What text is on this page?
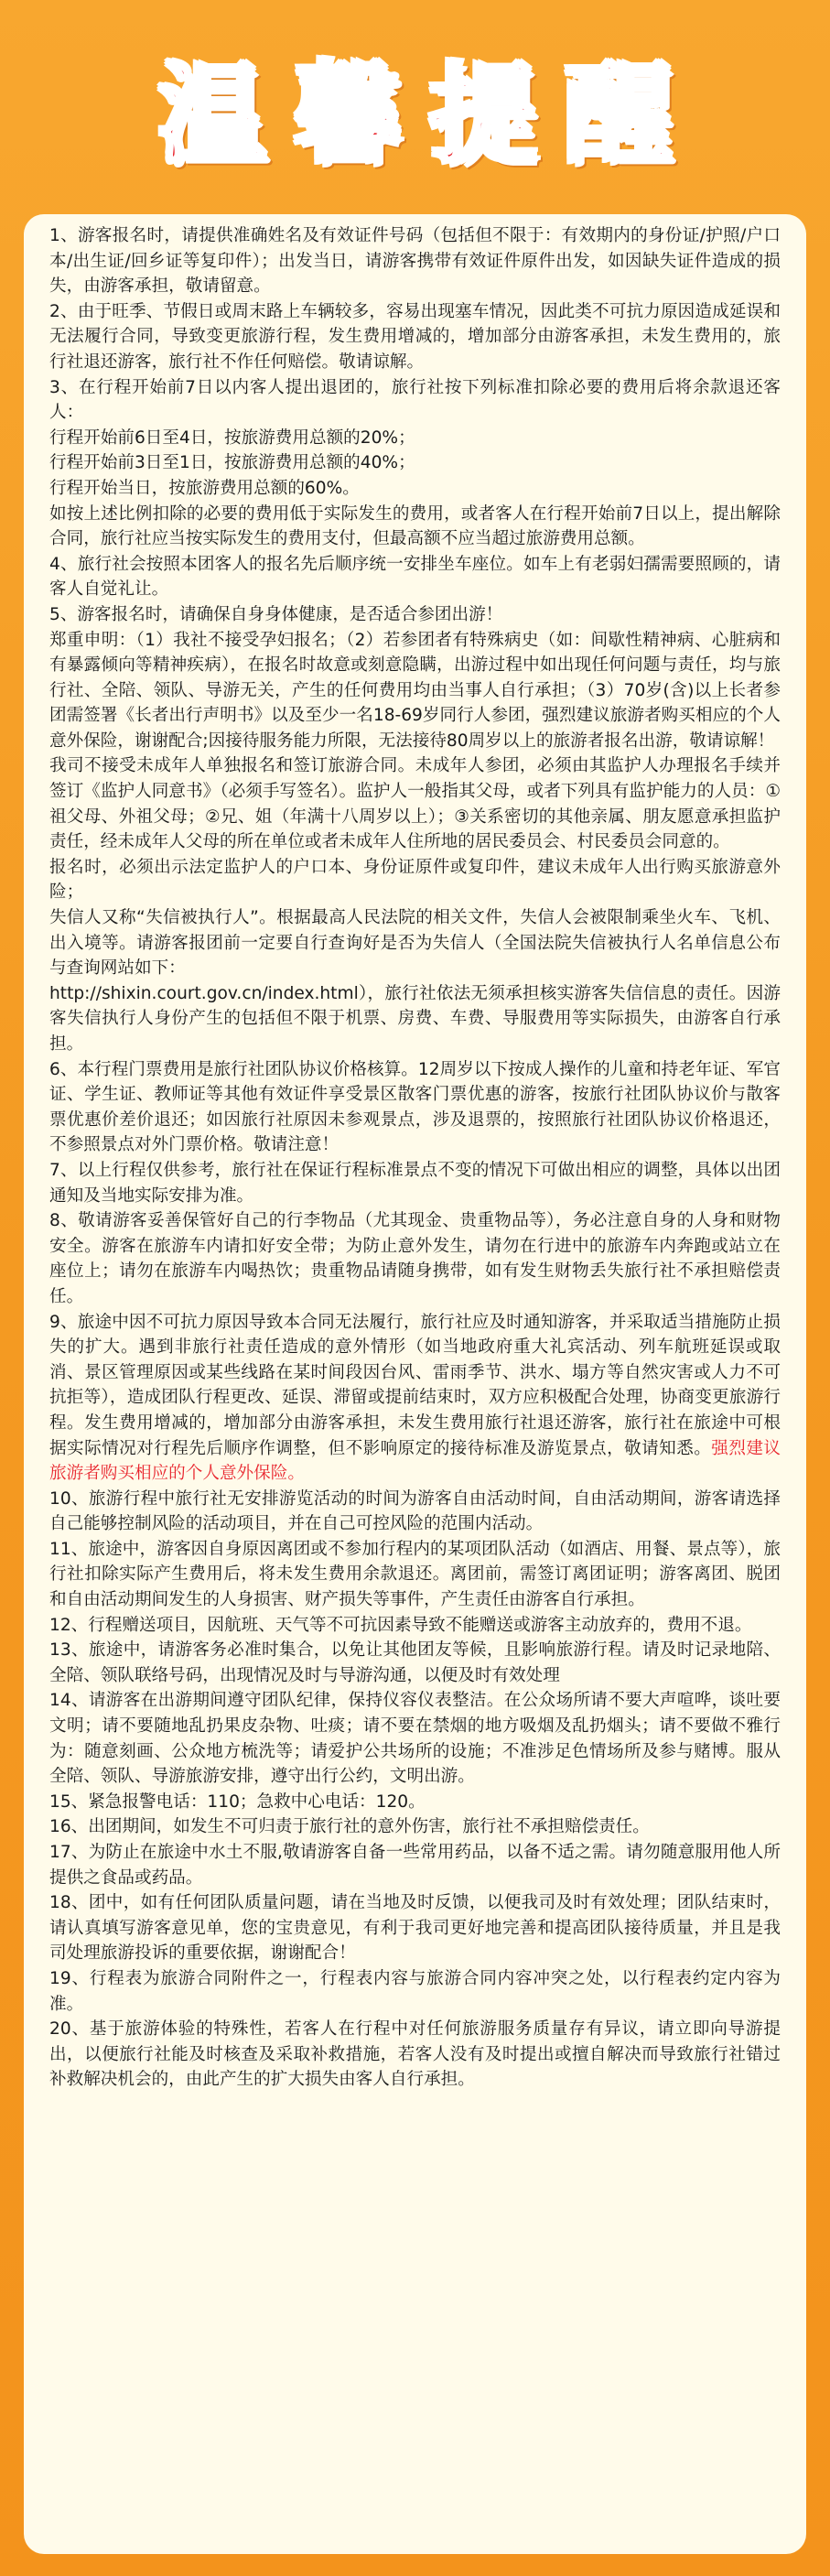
温馨提醒

1、游客报名时，请提供准确姓名及有效证件号码（包括但不限于：有效期内的身份证/护照/户口本/出生证/回乡证等复印件）；出发当日，请游客携带有效证件原件出发，如因缺失证件造成的损失，由游客承担，敬请留意。

2、由于旺季、节假日或周末路上车辆较多，容易出现塞车情况，因此类不可抗力原因造成延误和无法履行合同，导致变更旅游行程，发生费用增减的，增加部分由游客承担，未发生费用的，旅行社退还游客，旅行社不作任何赔偿。敬请谅解。

3、在行程开始前7日以内客人提出退团的，旅行社按下列标准扣除必要的费用后将余款退还客人：

行程开始前6日至4日，按旅游费用总额的20%；

行程开始前3日至1日，按旅游费用总额的40%；

行程开始当日，按旅游费用总额的60%。

如按上述比例扣除的必要的费用低于实际发生的费用，或者客人在行程开始前7日以上，提出解除合同，旅行社应当按实际发生的费用支付，但最高额不应当超过旅游费用总额。

4、旅行社会按照本团客人的报名先后顺序统一安排坐车座位。如车上有老弱妇孺需要照顾的，请客人自觉礼让。

5、游客报名时，请确保自身身体健康，是否适合参团出游！

郑重申明：（1）我社不接受孕妇报名；（2）若参团者有特殊病史（如：间歇性精神病、心脏病和有暴露倾向等精神疾病），在报名时故意或刻意隐瞒，出游过程中如出现任何问题与责任，均与旅行社、全陪、领队、导游无关，产生的任何费用均由当事人自行承担；（3）70岁(含)以上长者参团需签署《长者出行声明书》以及至少一名18-69岁同行人参团，强烈建议旅游者购买相应的个人意外保险，谢谢配合;因接待服务能力所限，无法接待80周岁以上的旅游者报名出游，敬请谅解！

我司不接受未成年人单独报名和签订旅游合同。未成年人参团，必须由其监护人办理报名手续并签订《监护人同意书》（必须手写签名）。监护人一般指其父母，或者下列具有监护能力的人员：①祖父母、外祖父母；②兄、姐（年满十八周岁以上）；③关系密切的其他亲属、朋友愿意承担监护责任，经未成年人父母的所在单位或者未成年人住所地的居民委员会、村民委员会同意的。

报名时，必须出示法定监护人的户口本、身份证原件或复印件，建议未成年人出行购买旅游意外险；

失信人又称“失信被执行人”。根据最高人民法院的相关文件，失信人会被限制乘坐火车、飞机、出入境等。请游客报团前一定要自行查询好是否为失信人（全国法院失信被执行人名单信息公布与查询网站如下：

http://shixin.court.gov.cn/index.html），旅行社依法无须承担核实游客失信信息的责任。因游客失信执行人身份产生的包括但不限于机票、房费、车费、导服费用等实际损失，由游客自行承担。

6、本行程门票费用是旅行社团队协议价格核算。12周岁以下按成人操作的儿童和持老年证、军官证、学生证、教师证等其他有效证件享受景区散客门票优惠的游客，按旅行社团队协议价与散客票优惠价差价退还；如因旅行社原因未参观景点，涉及退票的，按照旅行社团队协议价格退还，不参照景点对外门票价格。敬请注意！

7、以上行程仅供参考，旅行社在保证行程标准景点不变的情况下可做出相应的调整，具体以出团通知及当地实际安排为准。

8、敬请游客妥善保管好自己的行李物品（尤其现金、贵重物品等），务必注意自身的人身和财物安全。游客在旅游车内请扣好安全带；为防止意外发生，请勿在行进中的旅游车内奔跑或站立在座位上；请勿在旅游车内喝热饮；贵重物品请随身携带，如有发生财物丢失旅行社不承担赔偿责任。

9、旅途中因不可抗力原因导致本合同无法履行，旅行社应及时通知游客，并采取适当措施防止损失的扩大。遇到非旅行社责任造成的意外情形（如当地政府重大礼宾活动、列车航班延误或取消、景区管理原因或某些线路在某时间段因台风、雷雨季节、洪水、塌方等自然灾害或人力不可抗拒等），造成团队行程更改、延误、滞留或提前结束时，双方应积极配合处理，协商变更旅游行程。发生费用增减的，增加部分由游客承担，未发生费用旅行社退还游客，旅行社在旅途中可根据实际情况对行程先后顺序作调整，但不影响原定的接待标准及游览景点，敬请知悉。强烈建议旅游者购买相应的个人意外保险。

10、旅游行程中旅行社无安排游览活动的时间为游客自由活动时间，自由活动期间，游客请选择自己能够控制风险的活动项目，并在自己可控风险的范围内活动。

11、旅途中，游客因自身原因离团或不参加行程内的某项团队活动（如酒店、用餐、景点等），旅行社扣除实际产生费用后，将未发生费用余款退还。离团前，需签订离团证明；游客离团、脱团和自由活动期间发生的人身损害、财产损失等事件，产生责任由游客自行承担。

12、行程赠送项目，因航班、天气等不可抗因素导致不能赠送或游客主动放弃的，费用不退。

13、旅途中，请游客务必准时集合，以免让其他团友等候，且影响旅游行程。请及时记录地陪、全陪、领队联络号码，出现情况及时与导游沟通，以便及时有效处理

14、请游客在出游期间遵守团队纪律，保持仪容仪表整洁。在公众场所请不要大声喧哗，谈吐要文明；请不要随地乱扔果皮杂物、吐痰；请不要在禁烟的地方吸烟及乱扔烟头；请不要做不雅行为：随意刻画、公众地方梳洗等；请爱护公共场所的设施；不准涉足色情场所及参与赌博。服从全陪、领队、导游旅游安排，遵守出行公约，文明出游。

15、紧急报警电话：110；急救中心电话：120。

16、出团期间，如发生不可归责于旅行社的意外伤害，旅行社不承担赔偿责任。

17、为防止在旅途中水土不服,敬请游客自备一些常用药品，以备不适之需。请勿随意服用他人所提供之食品或药品。

18、团中，如有任何团队质量问题，请在当地及时反馈，以便我司及时有效处理；团队结束时，请认真填写游客意见单，您的宝贵意见，有利于我司更好地完善和提高团队接待质量，并且是我司处理旅游投诉的重要依据，谢谢配合！

19、行程表为旅游合同附件之一，行程表内容与旅游合同内容冲突之处，以行程表约定内容为准。

20、基于旅游体验的特殊性，若客人在行程中对任何旅游服务质量存有异议，请立即向导游提出，以便旅行社能及时核查及采取补救措施，若客人没有及时提出或擅自解决而导致旅行社错过补救解决机会的，由此产生的扩大损失由客人自行承担。
